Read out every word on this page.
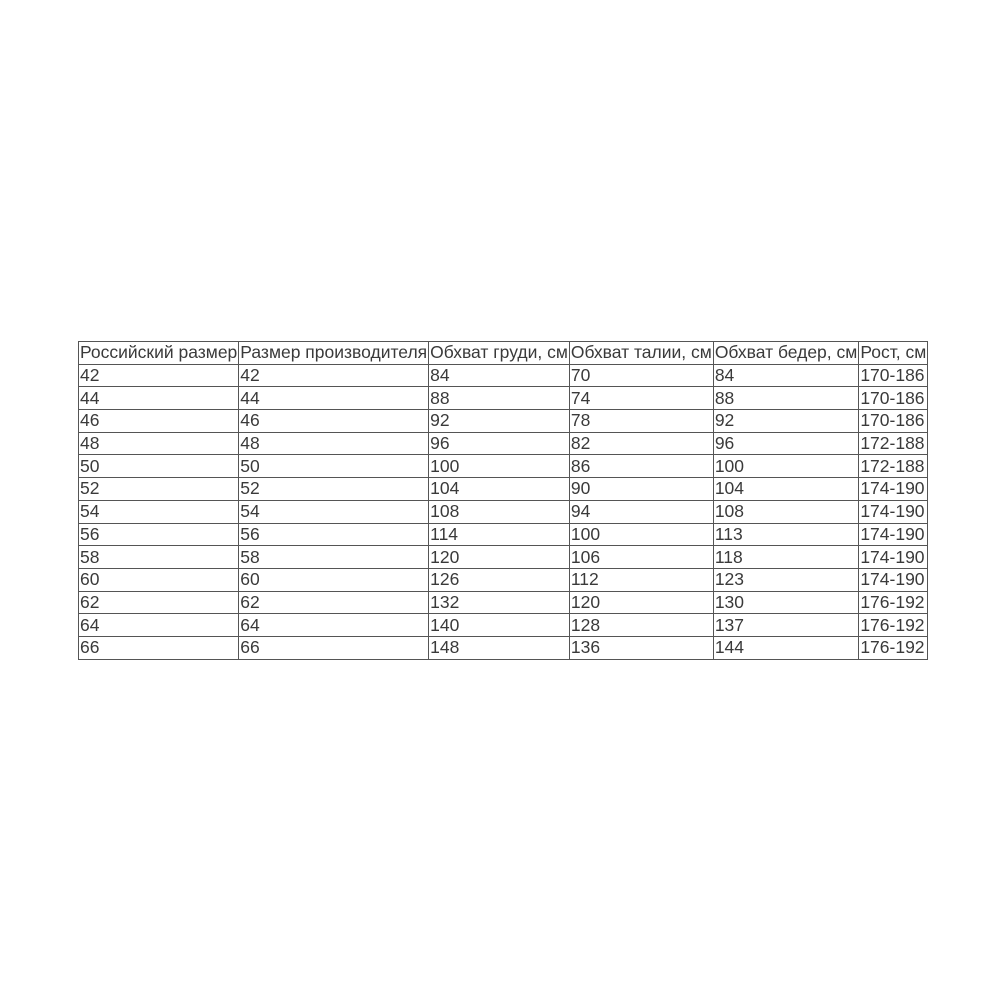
Российский размер	Размер производителя	Обхват груди, см	Обхват талии, см	Обхват бедер, см	Рост, см
42	42	84	70	84	170-186
44	44	88	74	88	170-186
46	46	92	78	92	170-186
48	48	96	82	96	172-188
50	50	100	86	100	172-188
52	52	104	90	104	174-190
54	54	108	94	108	174-190
56	56	114	100	113	174-190
58	58	120	106	118	174-190
60	60	126	112	123	174-190
62	62	132	120	130	176-192
64	64	140	128	137	176-192
66	66	148	136	144	176-192
